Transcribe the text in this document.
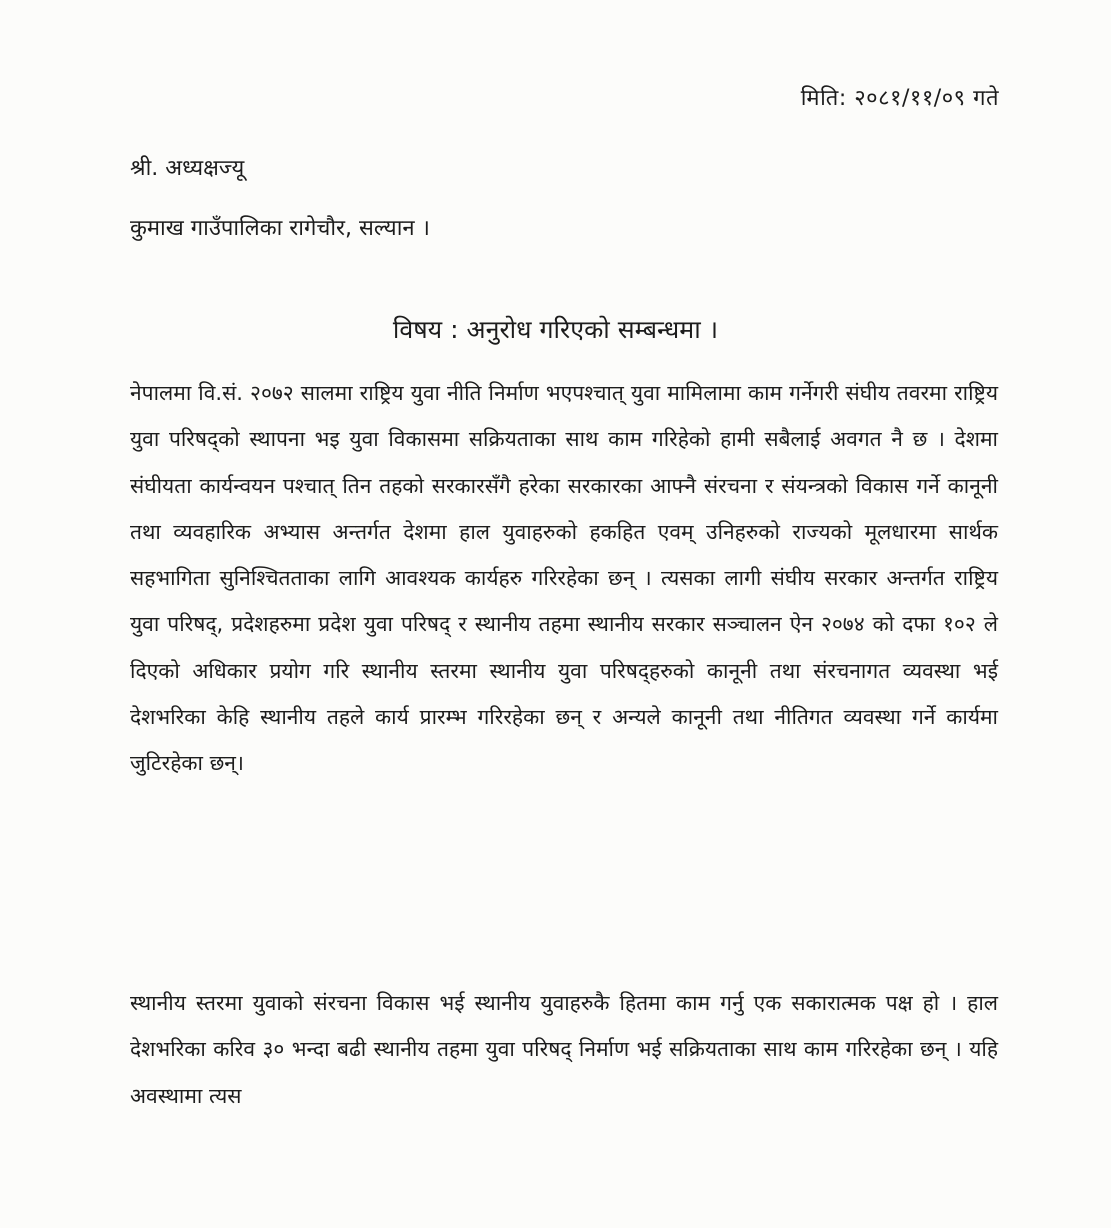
मिति: २०८१/११/०९ गते
श्री. अध्यक्षज्यू
कुमाख गाउँपालिका रागेचौर, सल्यान ।
विषय : अनुरोध गरिएको सम्बन्धमा ।

नेपालमा वि.सं. २०७२ सालमा राष्ट्रिय युवा नीति निर्माण भएपश्चात् युवा मामिलामा काम गर्नेगरी संघीय तवरमा राष्ट्रिय युवा परिषद्को स्थापना भइ युवा विकासमा सक्रियताका साथ काम गरिहेको हामी सबैलाई अवगत नै छ । देशमा संघीयता कार्यन्वयन पश्चात् तिन तहको सरकारसँगै हरेका सरकारका आफ्नै संरचना र संयन्त्रको विकास गर्ने कानूनी तथा व्यवहारिक अभ्यास अन्तर्गत देशमा हाल युवाहरुको हकहित एवम् उनिहरुको राज्यको मूलधारमा सार्थक सहभागिता सुनिश्चितताका लागि आवश्यक कार्यहरु गरिरहेका छन् । त्यसका लागी संघीय सरकार अन्तर्गत राष्ट्रिय युवा परिषद्, प्रदेशहरुमा प्रदेश युवा परिषद् र स्थानीय तहमा स्थानीय सरकार सञ्चालन ऐन २०७४ को दफा १०२ ले दिएको अधिकार प्रयोग गरि स्थानीय स्तरमा स्थानीय युवा परिषद्हरुको कानूनी तथा संरचनागत व्यवस्था भई देशभरिका केहि स्थानीय तहले कार्य प्रारम्भ गरिरहेका छन् र अन्यले कानूनी तथा नीतिगत व्यवस्था गर्ने कार्यमा जुटिरहेका छन्।

स्थानीय स्तरमा युवाको संरचना विकास भई स्थानीय युवाहरुकै हितमा काम गर्नु एक सकारात्मक पक्ष हो । हाल देशभरिका करिव ३० भन्दा बढी स्थानीय तहमा युवा परिषद् निर्माण भई सक्रियताका साथ काम गरिरहेका छन् । यहि अवस्थामा त्यस
